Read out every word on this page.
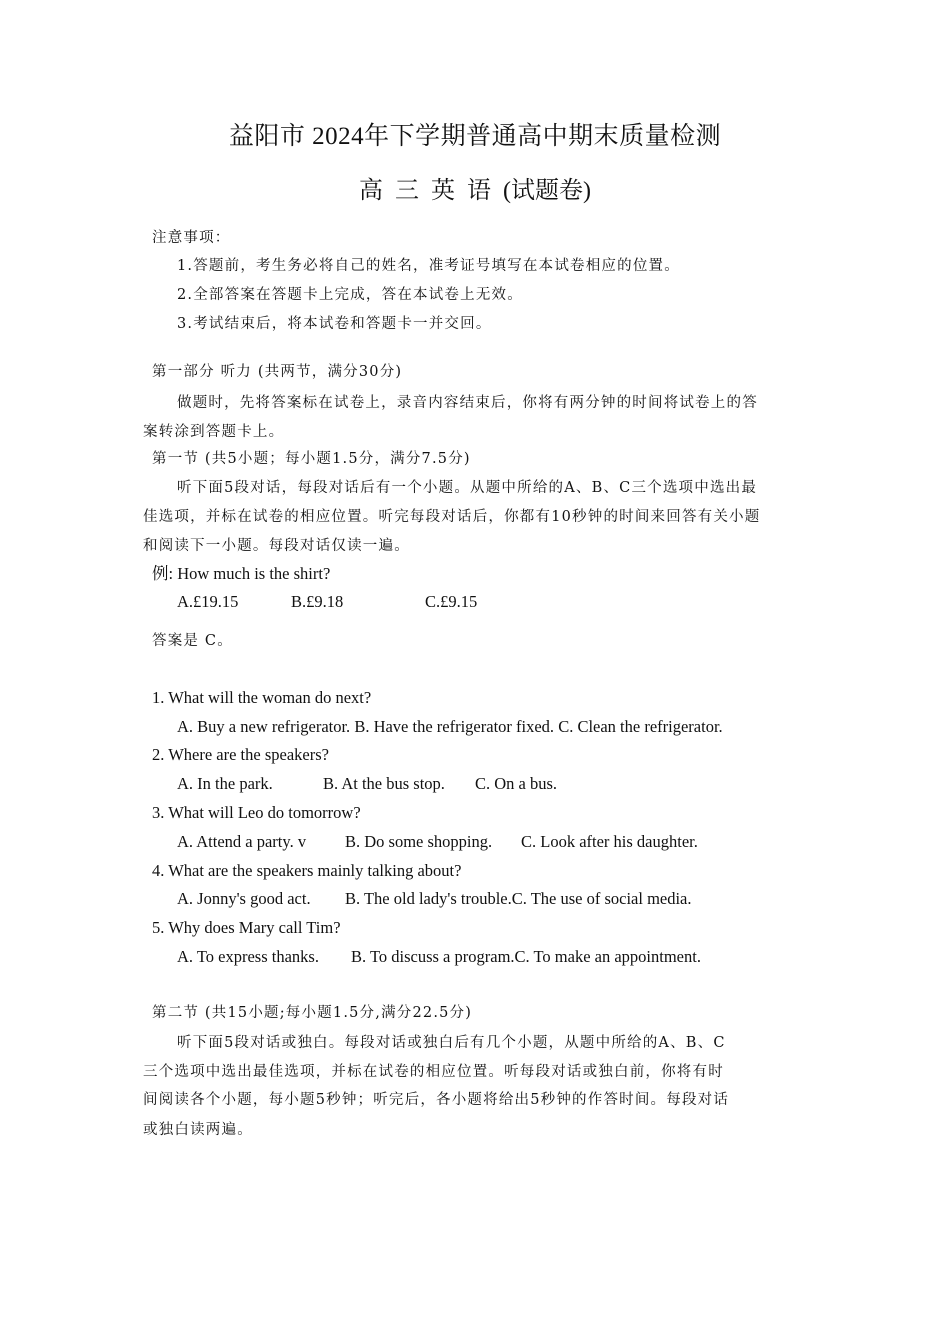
益阳市 2024年下学期普通高中期末质量检测
高 三 英 语 (试题卷)
注意事项：
1.答题前，考生务必将自己的姓名，准考证号填写在本试卷相应的位置。
2.全部答案在答题卡上完成，答在本试卷上无效。
3.考试结束后，将本试卷和答题卡一并交回。
第一部分 听力 (共两节，满分30分)
做题时，先将答案标在试卷上，录音内容结束后，你将有两分钟的时间将试卷上的答
案转涂到答题卡上。
第一节 (共5小题；每小题1.5分，满分7.5分)
听下面5段对话，每段对话后有一个小题。从题中所给的A、B、C三个选项中选出最
佳选项，并标在试卷的相应位置。听完每段对话后，你都有10秒钟的时间来回答有关小题
和阅读下一小题。每段对话仅读一遍。
例: How much is the shirt?
A.£19.15	B.£9.18	C.£9.15
答案是 C。
1. What will the woman do next?
A. Buy a new refrigerator. B. Have the refrigerator fixed. C. Clean the refrigerator.
2. Where are the speakers?
A. In the park.	B. At the bus stop. C. On a bus.
3. What will Leo do tomorrow?
A. Attend a party. v B. Do some shopping. C. Look after his daughter.
4. What are the speakers mainly talking about?
A. Jonny's good act. B. The old lady's trouble.C. The use of social media.
5. Why does Mary call Tim?
A. To express thanks. B. To discuss a program.C. To make an appointment.
第二节 (共15小题;每小题1.5分,满分22.5分)
听下面5段对话或独白。每段对话或独白后有几个小题，从题中所给的A、B、C
三个选项中选出最佳选项，并标在试卷的相应位置。听每段对话或独白前，你将有时
间阅读各个小题，每小题5秒钟；听完后，各小题将给出5秒钟的作答时间。每段对话
或独白读两遍。
